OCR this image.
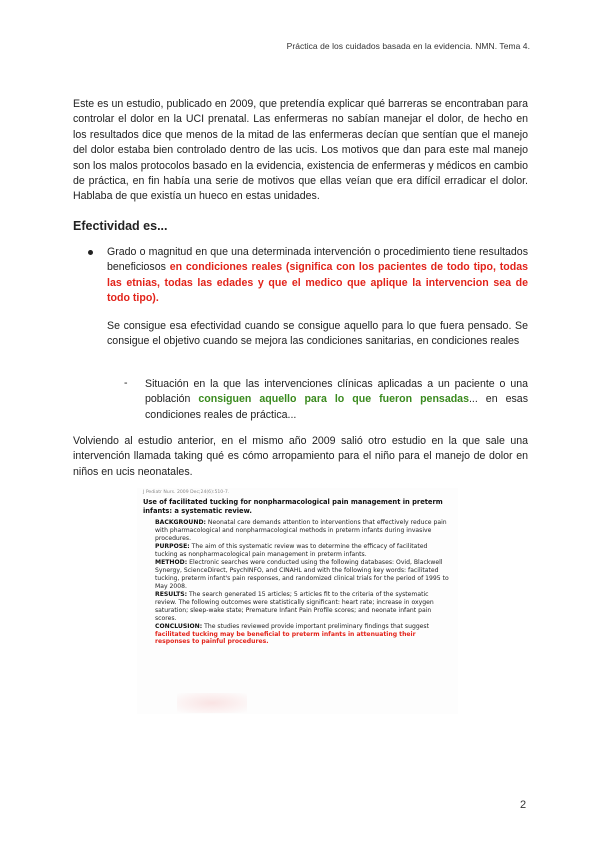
Práctica de los cuidados basada en la evidencia. NMN. Tema 4.

Este es un estudio, publicado en 2009, que pretendía explicar qué barreras se encontraban para controlar el dolor en la UCI prenatal. Las enfermeras no sabían manejar el dolor, de hecho en los resultados dice que menos de la mitad de las enfermeras decían que sentían que el manejo del dolor estaba bien controlado dentro de las ucis. Los motivos que dan para este mal manejo son los malos protocolos basado en la evidencia, existencia de enfermeras y médicos en cambio de práctica, en fin había una serie de motivos que ellas veían que era difícil erradicar el dolor. Hablaba de que existía un hueco en estas unidades.

Efectividad es...
Grado o magnitud en que una determinada intervención o procedimiento tiene resultados beneficiosos en condiciones reales (significa con los pacientes de todo tipo, todas las etnias, todas las edades y que el medico que aplique la intervencion sea de todo tipo).

Se consigue esa efectividad cuando se consigue aquello para lo que fuera pensado. Se consigue el objetivo cuando se mejora las condiciones sanitarias, en condiciones reales

- Situación en la que las intervenciones clínicas aplicadas a un paciente o una población consiguen aquello para lo que fueron pensadas... en esas condiciones reales de práctica...

Volviendo al estudio anterior, en el mismo año 2009 salió otro estudio en la que sale una intervención llamada taking qué es cómo arropamiento para el niño para el manejo de dolor en niños en ucis neonatales.

J Pediatr Nurs. 2009 Dec;24(6):510-7.
Use of facilitated tucking for nonpharmacological pain management in preterm infants: a systematic review.
BACKGROUND: Neonatal care demands attention to interventions that effectively reduce pain with pharmacological and nonpharmacological methods in preterm infants during invasive procedures.
PURPOSE: The aim of this systematic review was to determine the efficacy of facilitated tucking as nonpharmacological pain management in preterm infants.
METHOD: Electronic searches were conducted using the following databases: Ovid, Blackwell Synergy, ScienceDirect, PsychINFO, and CINAHL and with the following key words: facilitated tucking, preterm infant's pain responses, and randomized clinical trials for the period of 1995 to May 2008.
RESULTS: The search generated 15 articles; 5 articles fit to the criteria of the systematic review. The following outcomes were statistically significant: heart rate; increase in oxygen saturation; sleep-wake state; Premature Infant Pain Profile scores; and neonate infant pain scores.
CONCLUSION: The studies reviewed provide important preliminary findings that suggest facilitated tucking may be beneficial to preterm infants in attenuating their responses to painful procedures.
2
